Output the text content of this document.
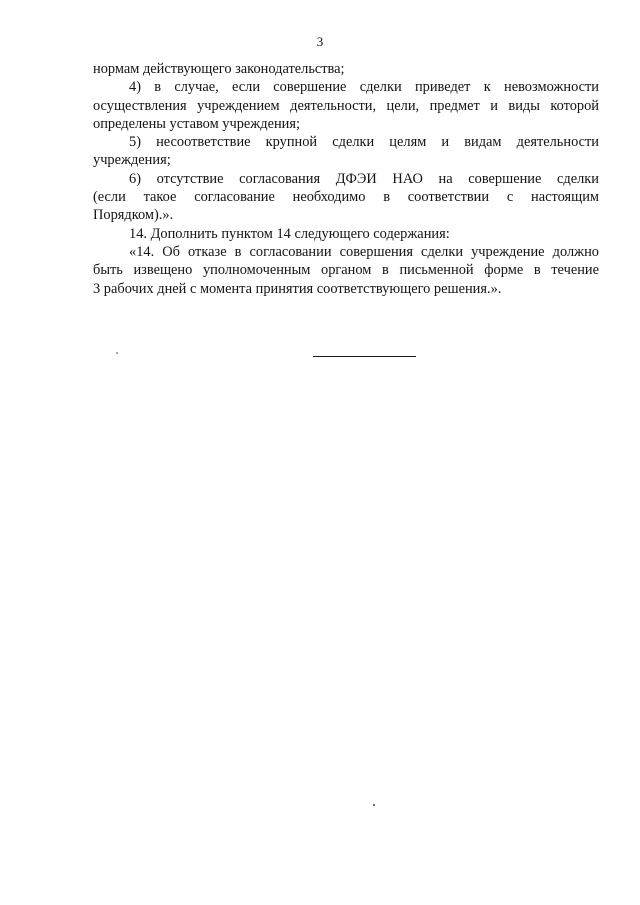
3
нормам действующего законодательства;
4) в случае, если совершение сделки приведет к невозможности
осуществления учреждением деятельности, цели, предмет и виды которой
определены уставом учреждения;
5) несоответствие крупной сделки целям и видам деятельности
учреждения;
6) отсутствие согласования ДФЭИ НАО на совершение сделки
(если такое согласование необходимо в соответствии с настоящим
Порядком).».
14. Дополнить пунктом 14 следующего содержания:
«14. Об отказе в согласовании совершения сделки учреждение должно
быть извещено уполномоченным органом в письменной форме в течение
3 рабочих дней с момента принятия соответствующего решения.».
